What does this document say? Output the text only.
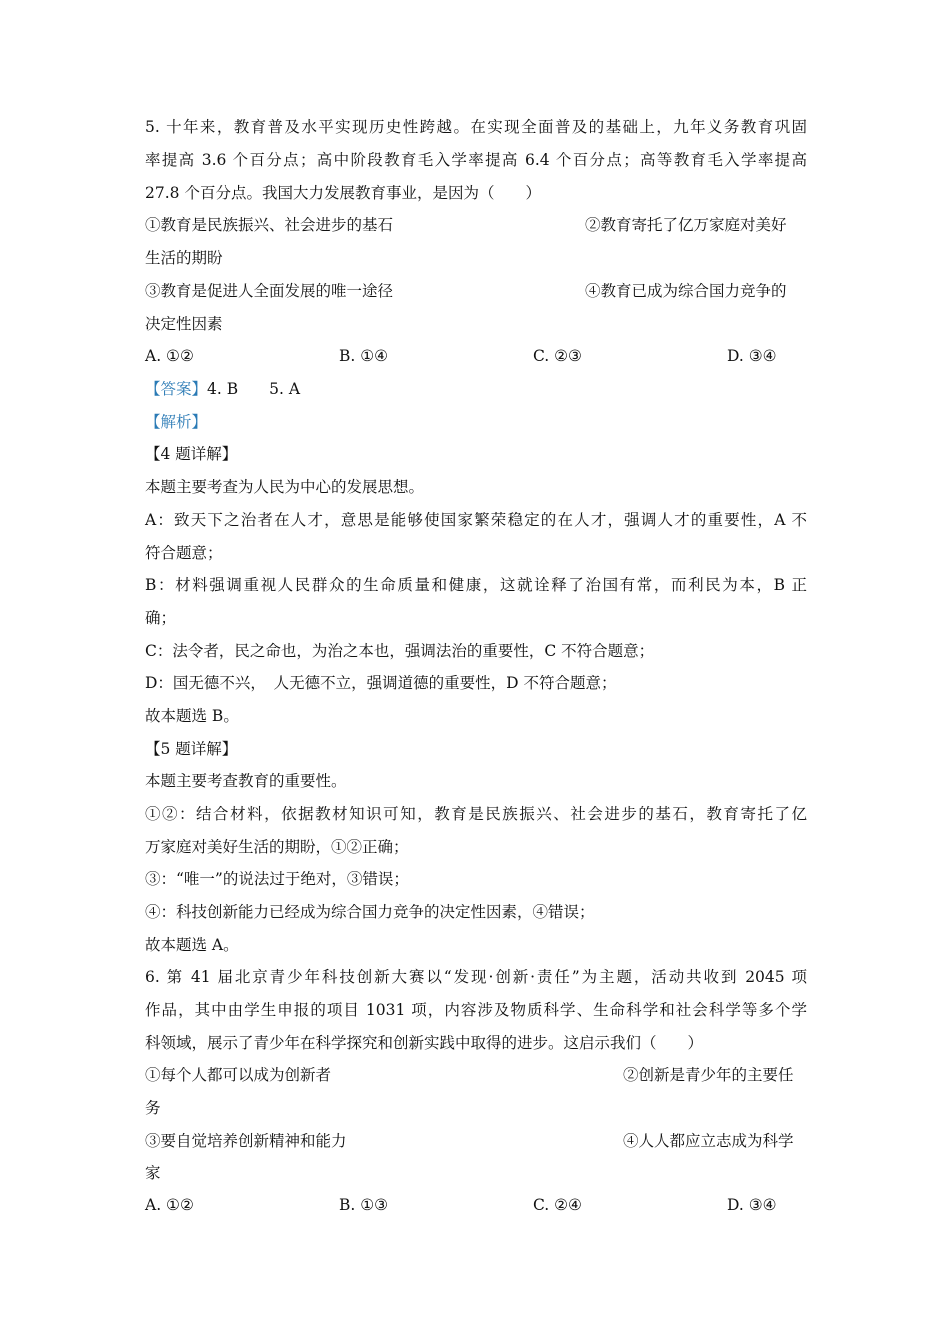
5. 十年来，教育普及水平实现历史性跨越。在实现全面普及的基础上，九年义务教育巩固
率提高 3.6 个百分点；高中阶段教育毛入学率提高 6.4 个百分点；高等教育毛入学率提高
27.8 个百分点。我国大力发展教育事业，是因为（　　）
①教育是民族振兴、社会进步的基石	②教育寄托了亿万家庭对美好
生活的期盼
③教育是促进人全面发展的唯一途径	④教育已成为综合国力竞争的
决定性因素
A. ①②	B. ①④	C. ②③	D. ③④
【答案】4. B　　5. A
【解析】
【4 题详解】
本题主要考查为人民为中心的发展思想。
A：致天下之治者在人才，意思是能够使国家繁荣稳定的在人才，强调人才的重要性，A 不
符合题意；
B：材料强调重视人民群众的生命质量和健康，这就诠释了治国有常，而利民为本，B 正
确；
C：法令者，民之命也，为治之本也，强调法治的重要性，C 不符合题意；
D：国无德不兴，　人无德不立，强调道德的重要性，D 不符合题意；
故本题选 B。
【5 题详解】
本题主要考查教育的重要性。
①②：结合材料，依据教材知识可知，教育是民族振兴、社会进步的基石，教育寄托了亿
万家庭对美好生活的期盼，①②正确；
③：“唯一”的说法过于绝对，③错误；
④：科技创新能力已经成为综合国力竞争的决定性因素，④错误；
故本题选 A。
6. 第 41 届北京青少年科技创新大赛以“发现·创新·责任”为主题，活动共收到 2045 项
作品，其中由学生申报的项目 1031 项，内容涉及物质科学、生命科学和社会科学等多个学
科领域，展示了青少年在科学探究和创新实践中取得的进步。这启示我们（　　）
①每个人都可以成为创新者	②创新是青少年的主要任
务
③要自觉培养创新精神和能力	④人人都应立志成为科学
家
A. ①②	B. ①③	C. ②④	D. ③④
